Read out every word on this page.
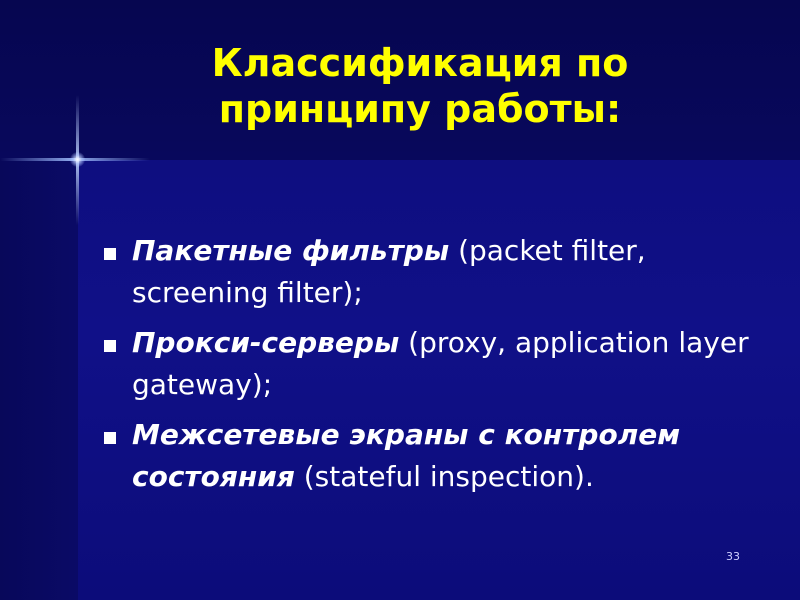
Классификация по
принципу работы:
Пакетные фильтры (packet filter, screening filter);
Прокси-серверы (proxy, application layer gateway);
Межсетевые экраны с контролем состояния (stateful inspection).
33
